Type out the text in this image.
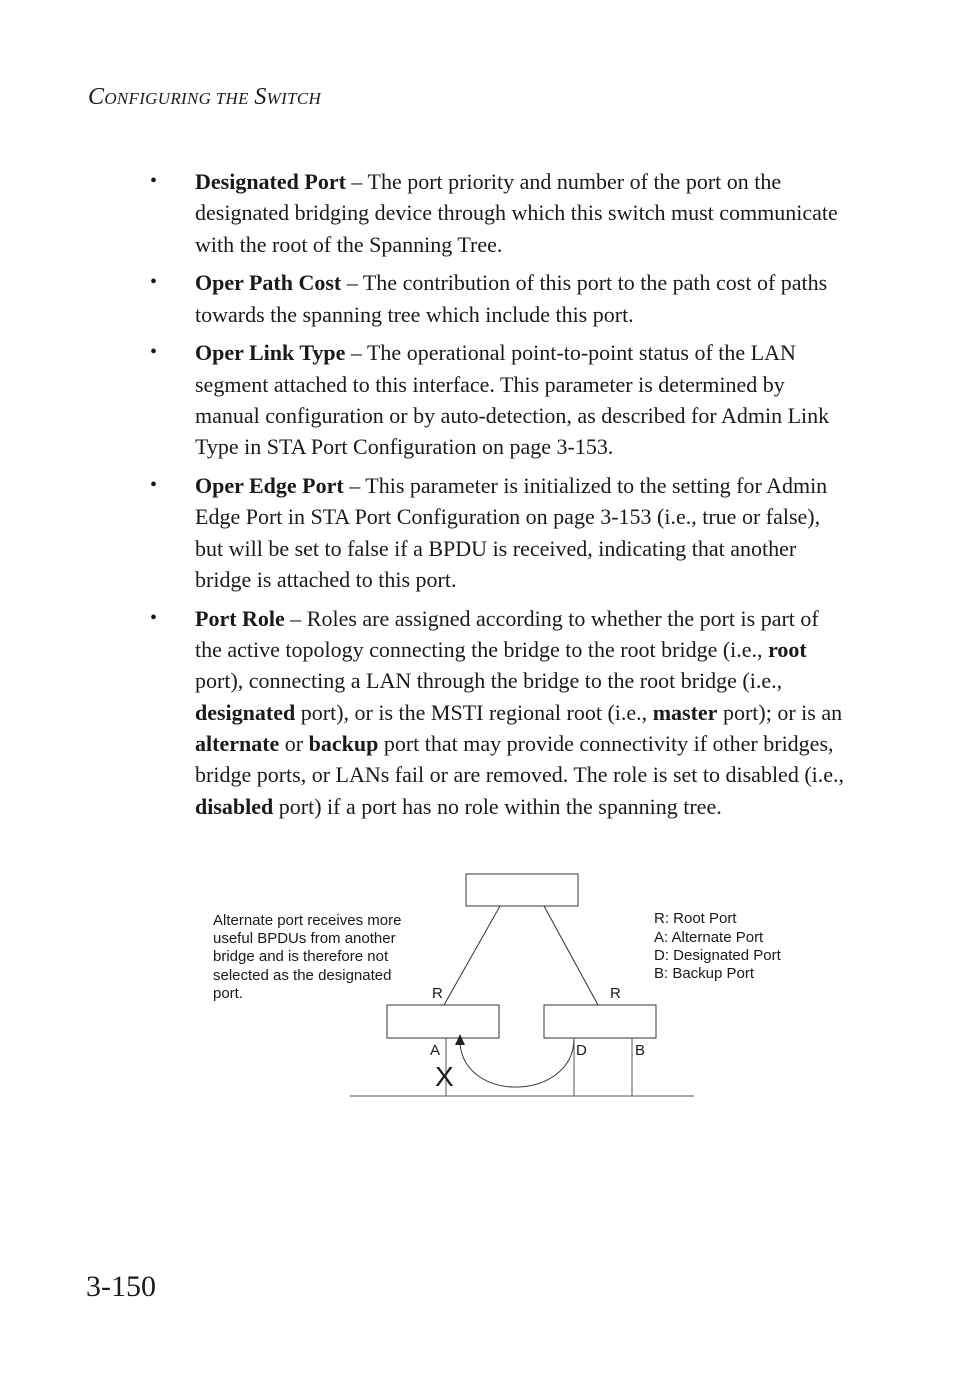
CONFIGURING THE SWITCH
• Designated Port – The port priority and number of the port on the designated bridging device through which this switch must communicate with the root of the Spanning Tree.
• Oper Path Cost – The contribution of this port to the path cost of paths towards the spanning tree which include this port.
• Oper Link Type – The operational point-to-point status of the LAN segment attached to this interface. This parameter is determined by manual configuration or by auto-detection, as described for Admin Link Type in STA Port Configuration on page 3-153.
• Oper Edge Port – This parameter is initialized to the setting for Admin Edge Port in STA Port Configuration on page 3-153 (i.e., true or false), but will be set to false if a BPDU is received, indicating that another bridge is attached to this port.
• Port Role – Roles are assigned according to whether the port is part of the active topology connecting the bridge to the root bridge (i.e., root port), connecting a LAN through the bridge to the root bridge (i.e., designated port), or is the MSTI regional root (i.e., master port); or is an alternate or backup port that may provide connectivity if other bridges, bridge ports, or LANs fail or are removed. The role is set to disabled (i.e., disabled port) if a port has no role within the spanning tree.
R	R
A	D	B
X
Alternate port receives more
useful BPDUs from another
bridge and is therefore not
selected as the designated
port.
R: Root Port
A: Alternate Port
D: Designated Port
B: Backup Port
3-150
